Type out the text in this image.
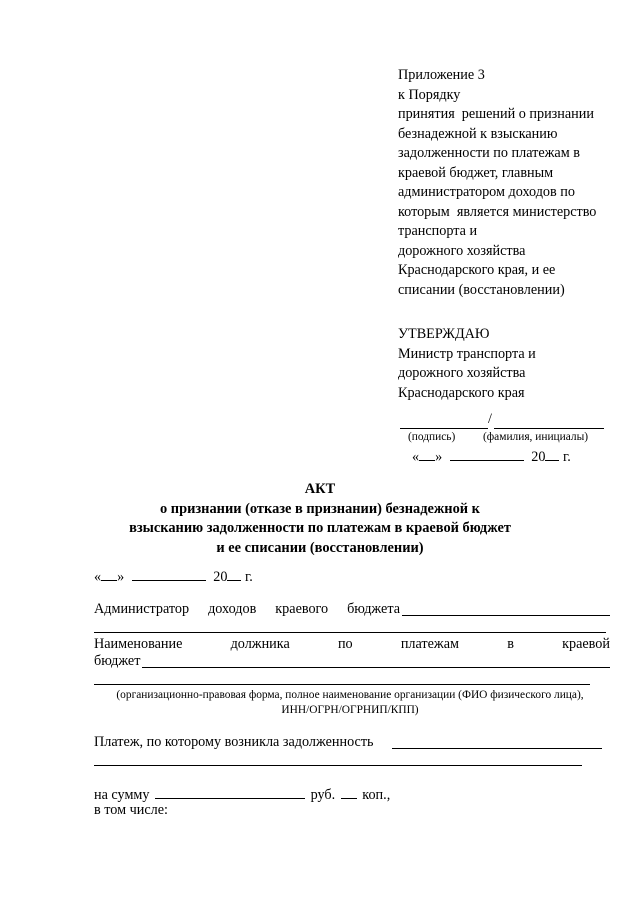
Приложение 3
к Порядку
принятия  решений о признании
безнадежной к взысканию
задолженности по платежам в
краевой бюджет, главным
администратором доходов по
которым  является министерство
транспорта и
дорожного хозяйства
Краснодарского края, и ее
списании (восстановлении)
УТВЕРЖДАЮ
Министр транспорта и
дорожного хозяйства
Краснодарского края
/
(подпись) (фамилия, инициалы)
« »	20 г.
АКТ
о признании (отказе в признании) безнадежной к
взысканию задолженности по платежам в краевой бюджет
и ее списании (восстановлении)
« »	20 г.
Администратор доходов краевого бюджета
Наименование	должника	по	платежам	в	краевой
бюджет
(организационно-правовая форма, полное наименование организации (ФИО физического лица),
ИНН/ОГРН/ОГРНИП/КПП)
Платеж, по которому возникла задолженность
на сумму	руб. коп.,
в том числе:
